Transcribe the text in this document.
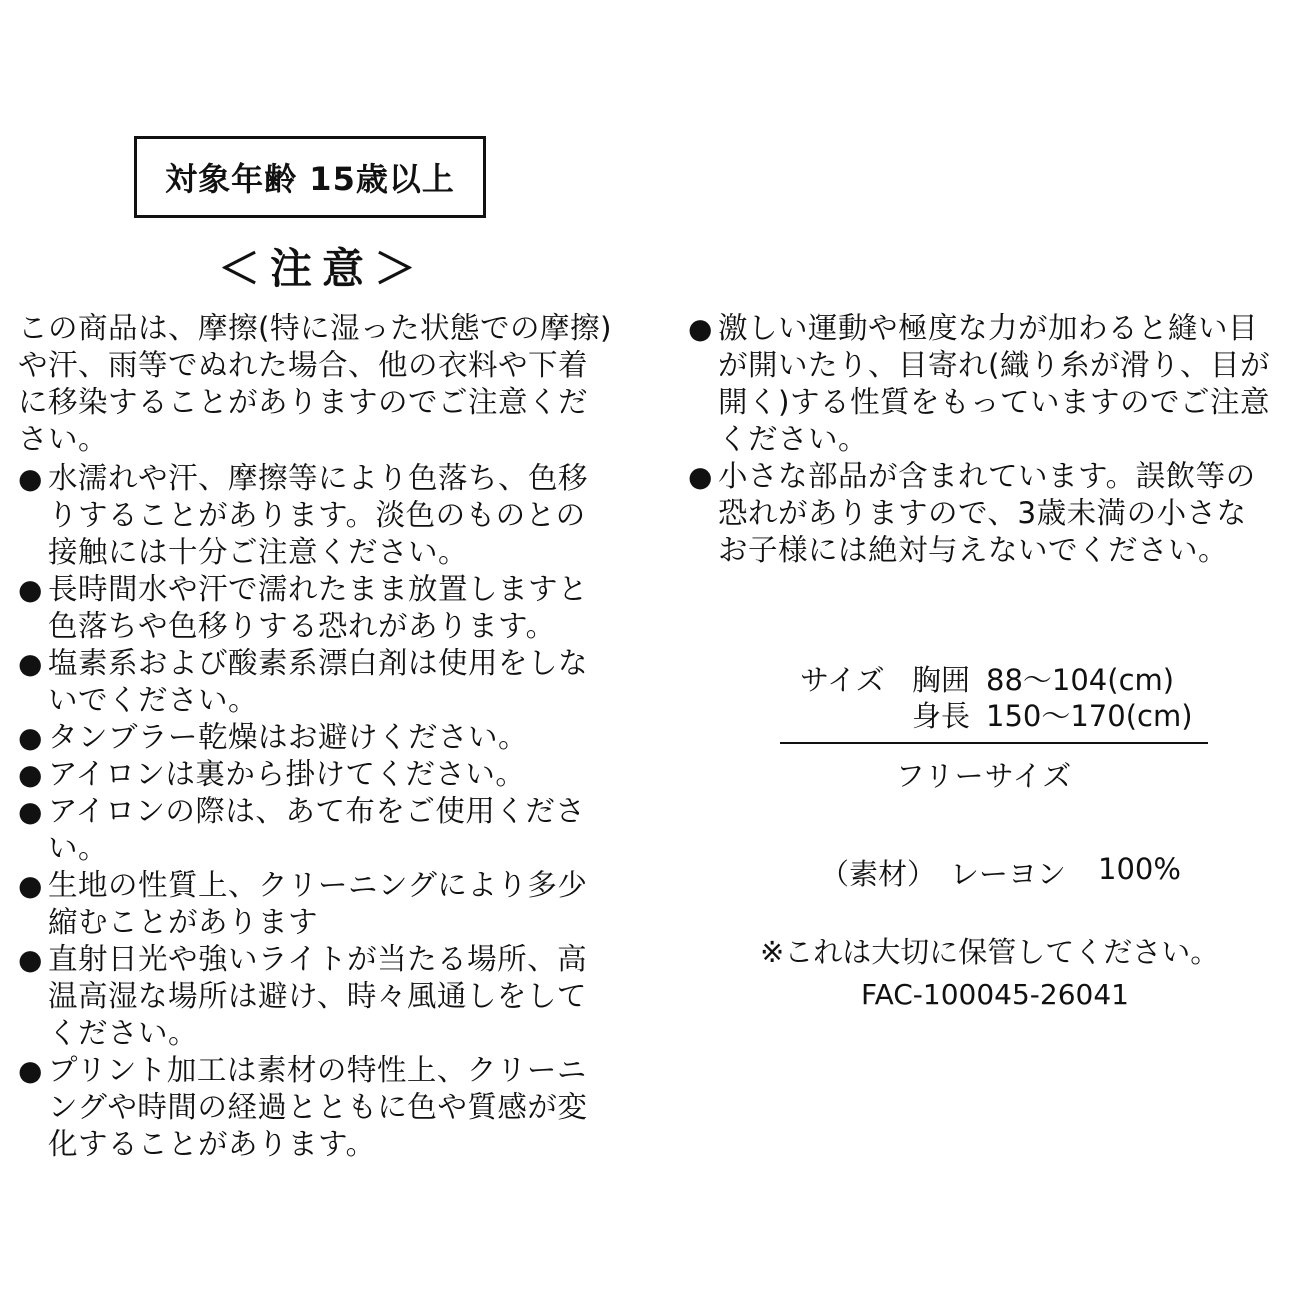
対象年齢 15歳以上
＜注意＞
この商品は、摩擦(特に湿った状態での摩擦)
や汗、雨等でぬれた場合、他の衣料や下着
に移染することがありますのでご注意くだ
さい。
● 水濡れや汗、摩擦等により色落ち、色移
りすることがあります。淡色のものとの
接触には十分ご注意ください。
● 長時間水や汗で濡れたまま放置しますと
色落ちや色移りする恐れがあります。
● 塩素系および酸素系漂白剤は使用をしな
いでください。
● タンブラー乾燥はお避けください。
● アイロンは裏から掛けてください。
● アイロンの際は、あて布をご使用くださ
い。
● 生地の性質上、クリーニングにより多少
縮むことがあります
● 直射日光や強いライトが当たる場所、高
温高湿な場所は避け、時々風通しをして
ください。
● プリント加工は素材の特性上、クリーニ
ングや時間の経過とともに色や質感が変
化することがあります。
● 激しい運動や極度な力が加わると縫い目
が開いたり、目寄れ(織り糸が滑り、目が
開く)する性質をもっていますのでご注意
ください。
● 小さな部品が含まれています。誤飲等の
恐れがありますので、3歳未満の小さな
お子様には絶対与えないでください。
サイズ 胸囲 88〜104(cm)
身長 150〜170(cm)
フリーサイズ
（素材） レーヨン	100%
※これは大切に保管してください。
FAC-100045-26041
